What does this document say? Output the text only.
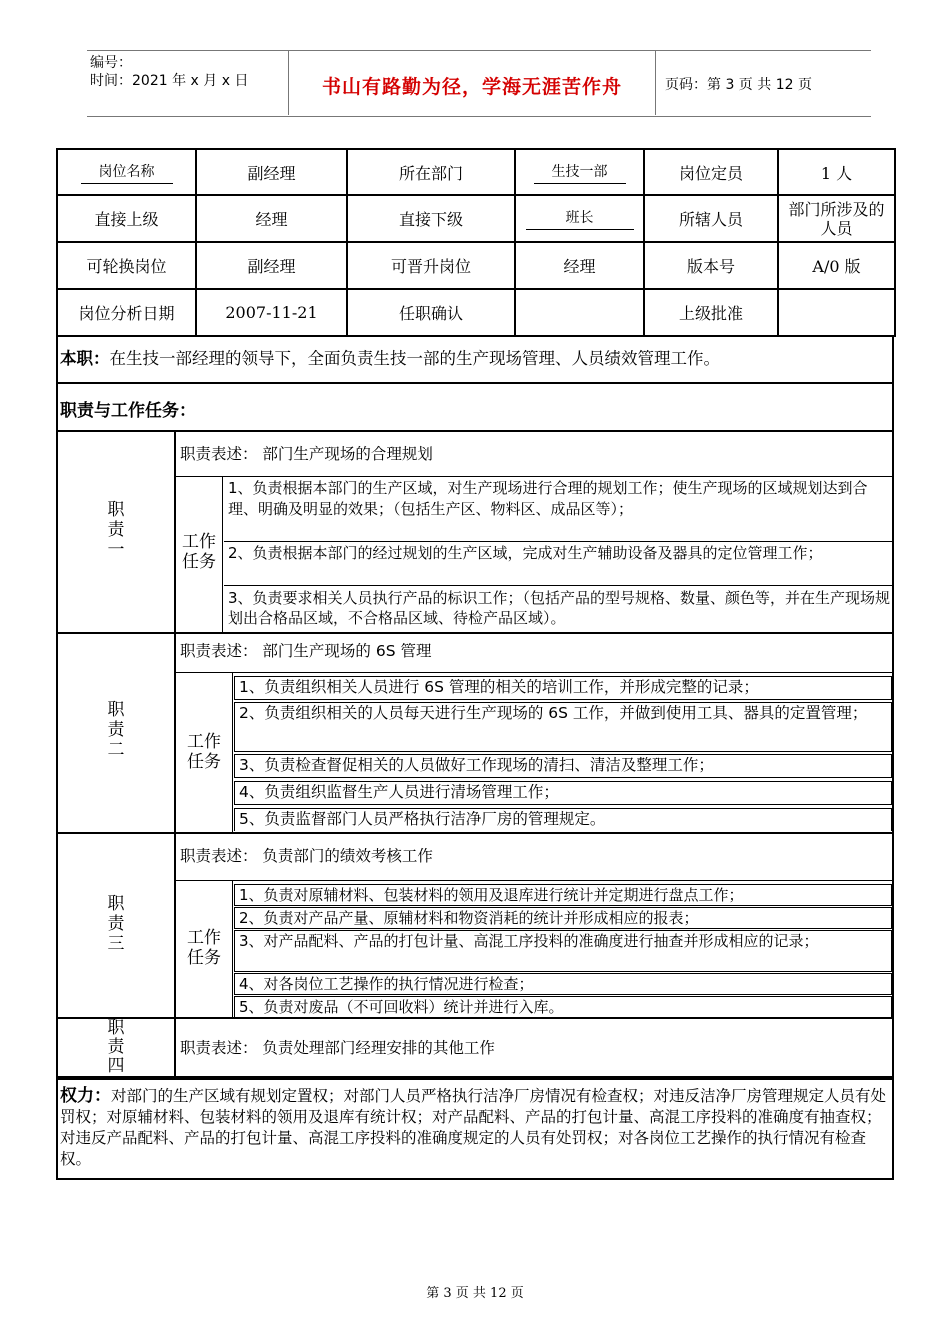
编号：
时间：2021 年 x 月 x 日	书山有路勤为径，学海无涯苦作舟	页码：第 3 页 共 12 页
岗位名称	副经理	所在部门	生技一部	岗位定员	1 人
直接上级	经理	直接下级	班长	所辖人员	部门所涉及的人员
可轮换岗位	副经理	可晋升岗位	经理	版本号	A/0 版
岗位分析日期	2007-11-21	任职确认		上级批准	
本职：在生技一部经理的领导下，全面负责生技一部的生产现场管理、人员绩效管理工作。
职责与工作任务：
职责一
职责表述： 部门生产现场的合理规划
工作
任务
1、负责根据本部门的生产区域，对生产现场进行合理的规划工作；使生产现场的区域规划达到合理、明确及明显的效果；（包括生产区、物料区、成品区等）；
2、负责根据本部门的经过规划的生产区域，完成对生产辅助设备及器具的定位管理工作；
3、负责要求相关人员执行产品的标识工作；（包括产品的型号规格、数量、颜色等，并在生产现场规划出合格品区域，不合格品区域、待检产品区域）。
职责二
职责表述： 部门生产现场的 6S 管理
工作
任务
1、负责组织相关人员进行 6S 管理的相关的培训工作，并形成完整的记录；
2、负责组织相关的人员每天进行生产现场的 6S 工作，并做到使用工具、器具的定置管理；
3、负责检查督促相关的人员做好工作现场的清扫、清洁及整理工作；
4、负责组织监督生产人员进行清场管理工作；
5、负责监督部门人员严格执行洁净厂房的管理规定。
职责三
职责表述： 负责部门的绩效考核工作
工作
任务
1、负责对原辅材料、包装材料的领用及退库进行统计并定期进行盘点工作；
2、负责对产品产量、原辅材料和物资消耗的统计并形成相应的报表；
3、对产品配料、产品的打包计量、高混工序投料的准确度进行抽查并形成相应的记录；
4、对各岗位工艺操作的执行情况进行检查；
5、负责对废品（不可回收料）统计并进行入库。
职责四
职责表述： 负责处理部门经理安排的其他工作
权力：对部门的生产区域有规划定置权；对部门人员严格执行洁净厂房情况有检查权；对违反洁净厂房管理规定人员有处罚权；对原辅材料、包装材料的领用及退库有统计权；对产品配料、产品的打包计量、高混工序投料的准确度有抽查权；对违反产品配料、产品的打包计量、高混工序投料的准确度规定的人员有处罚权；对各岗位工艺操作的执行情况有检查权。
第 3 页 共 12 页
